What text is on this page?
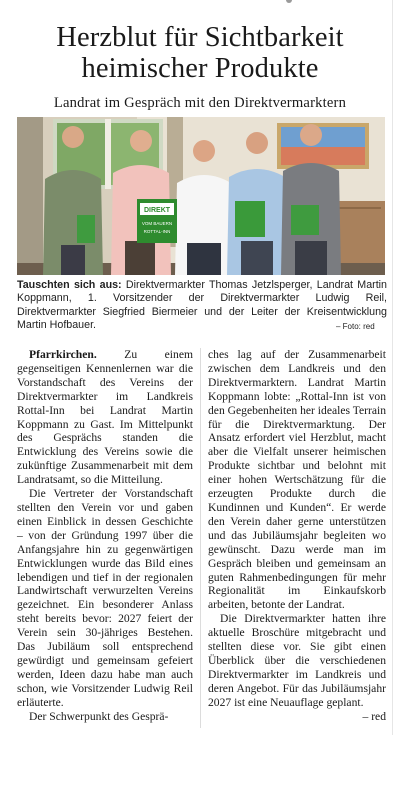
Herzblut für Sichtbarkeit
heimischer Produkte
Landrat im Gespräch mit den Direktvermarktern
DIREKT
VOM BAUERN
ROTTAL-INN
Tauschten sich aus: Direktvermarkter Thomas Jetzlsperger, Landrat Martin Koppmann, 1. Vorsitzender der Direktvermarkter Ludwig Reil, Direktvermarkter Siegfried Biermeier und der Leiter der Kreisentwicklung Martin Hofbauer.	– Foto: red

Pfarrkirchen. Zu einem gegenseitigen Kennenlernen war die Vorstandschaft des Vereins der Direktvermarkter im Landkreis Rottal-Inn bei Landrat Martin Koppmann zu Gast. Im Mittelpunkt des Gesprächs standen die Entwicklung des Vereins sowie die zukünftige Zusammenarbeit mit dem Landratsamt, so die Mitteilung.

Die Vertreter der Vorstandschaft stellten den Verein vor und gaben einen Einblick in dessen Geschichte – von der Gründung 1997 über die Anfangsjahre hin zu gegenwärtigen Entwicklungen wurde das Bild eines lebendigen und tief in der regionalen Landwirtschaft verwurzelten Vereins gezeichnet. Ein besonderer Anlass steht bereits bevor: 2027 feiert der Verein sein 30-jähriges Bestehen. Das Jubiläum soll entsprechend gewürdigt und gemeinsam gefeiert werden, Ideen dazu habe man auch schon, wie Vorsitzender Ludwig Reil erläuterte.

Der Schwerpunkt des Gesprä-

ches lag auf der Zusammenarbeit zwischen dem Landkreis und den Direktvermarktern. Landrat Martin Koppmann lobte: „Rottal-Inn ist von den Gegebenheiten her ideales Terrain für die Direktvermarktung. Der Ansatz erfordert viel Herzblut, macht aber die Vielfalt unserer heimischen Produkte sichtbar und belohnt mit einer hohen Wertschätzung für die erzeugten Produkte durch die Kundinnen und Kunden“. Er werde den Verein daher gerne unterstützen und das Jubiläumsjahr begleiten wo gewünscht. Dazu werde man im Gespräch bleiben und gemeinsam an guten Rahmenbedingungen für mehr Regionalität im Einkaufskorb arbeiten, betonte der Landrat.

Die Direktvermarkter hatten ihre aktuelle Broschüre mitgebracht und stellten diese vor. Sie gibt einen Überblick über die verschiedenen Direktvermarkter im Landkreis und deren Angebot. Für das Jubiläumsjahr 2027 ist eine Neuauflage geplant.
– red
